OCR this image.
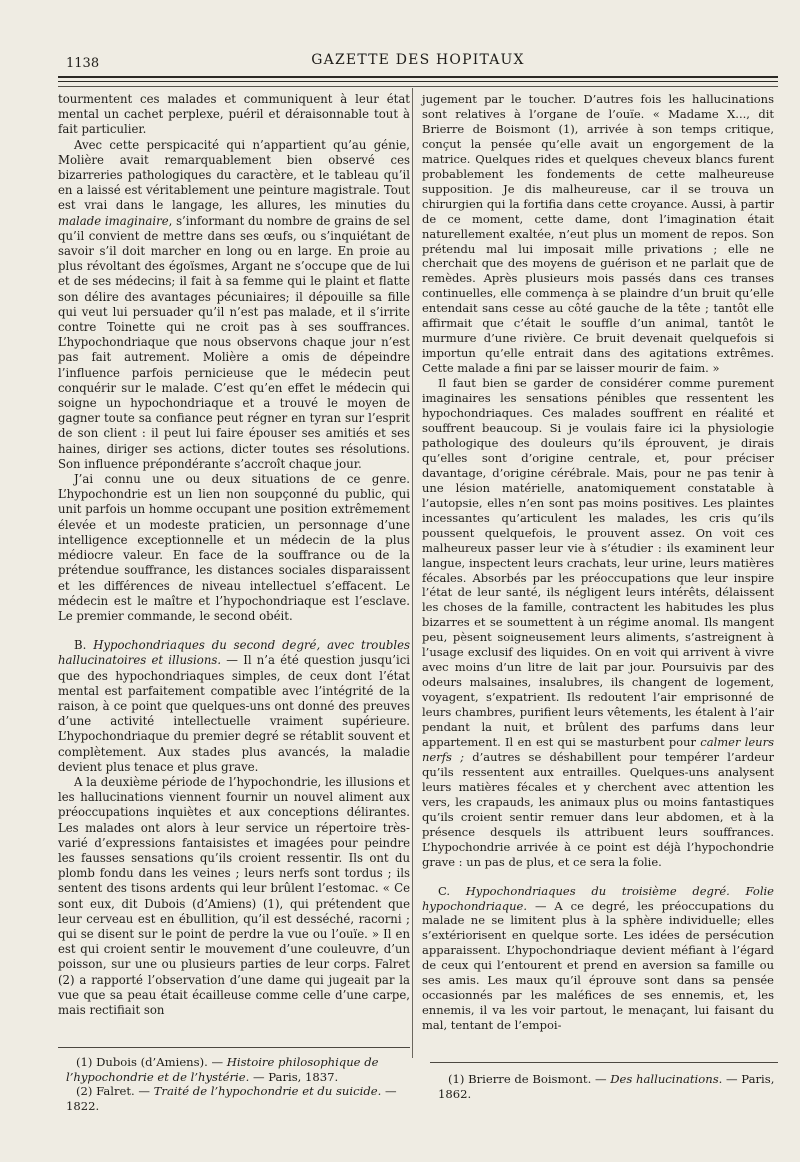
1138	GAZETTE DES HOPITAUX

tourmentent ces malades et communiquent à leur état mental un cachet perplexe, puéril et déraisonnable tout à fait particulier.

Avec cette perspicacité qui n’appartient qu’au génie, Molière avait remarquablement bien observé ces bizarreries pathologiques du caractère, et le tableau qu’il en a laissé est véritablement une peinture magistrale. Tout est vrai dans le langage, les allures, les minuties du malade imaginaire, s’informant du nombre de grains de sel qu’il convient de mettre dans ses œufs, ou s’inquiétant de savoir s’il doit marcher en long ou en large. En proie au plus révoltant des égoïsmes, Argant ne s’occupe que de lui et de ses médecins; il fait à sa femme qui le plaint et flatte son délire des avantages pécuniaires; il dépouille sa fille qui veut lui persuader qu’il n’est pas malade, et il s’irrite contre Toinette qui ne croit pas à ses souffrances. L’hypochondriaque que nous observons chaque jour n’est pas fait autrement. Molière a omis de dépeindre l’influence parfois pernicieuse que le médecin peut conquérir sur le malade. C’est qu’en effet le médecin qui soigne un hypochondriaque et a trouvé le moyen de gagner toute sa confiance peut régner en tyran sur l’esprit de son client : il peut lui faire épouser ses amitiés et ses haines, diriger ses actions, dicter toutes ses résolutions. Son influence prépondérante s’accroît chaque jour.

J’ai connu une ou deux situations de ce genre. L’hypochondrie est un lien non soupçonné du public, qui unit parfois un homme occupant une position extrêmement élevée et un modeste praticien, un personnage d’une intelligence exceptionnelle et un médecin de la plus médiocre valeur. En face de la souffrance ou de la prétendue souffrance, les distances sociales disparaissent et les différences de niveau intellectuel s’effacent. Le médecin est le maître et l’hypochondriaque est l’esclave. Le premier commande, le second obéit.

B. Hypochondriaques du second degré, avec troubles hallucinatoires et illusions. — Il n’a été question jusqu’ici que des hypochondriaques simples, de ceux dont l’état mental est parfaitement compatible avec l’intégrité de la raison, à ce point que quelques-uns ont donné des preuves d’une activité intellectuelle vraiment supérieure. L’hypochondriaque du premier degré se rétablit souvent et complètement. Aux stades plus avancés, la maladie devient plus tenace et plus grave.

A la deuxième période de l’hypochondrie, les illusions et les hallucinations viennent fournir un nouvel aliment aux préoccupations inquiètes et aux conceptions délirantes. Les malades ont alors à leur service un répertoire très-varié d’expressions fantaisistes et imagées pour peindre les fausses sensations qu’ils croient ressentir. Ils ont du plomb fondu dans les veines ; leurs nerfs sont tordus ; ils sentent des tisons ardents qui leur brûlent l’estomac. « Ce sont eux, dit Dubois (d’Amiens) (1), qui prétendent que leur cerveau est en ébullition, qu’il est desséché, racorni ; qui se disent sur le point de perdre la vue ou l’ouïe. » Il en est qui croient sentir le mouvement d’une couleuvre, d’un poisson, sur une ou plusieurs parties de leur corps. Falret (2) a rapporté l’observation d’une dame qui jugeait par la vue que sa peau était écailleuse comme celle d’une carpe, mais rectifiait son

(1) Dubois (d’Amiens). — Histoire philosophique de l’hypochondrie et de l’hystérie. — Paris, 1837.

(2) Falret. — Traité de l’hypochondrie et du suicide. — 1822.

jugement par le toucher. D’autres fois les hallucinations sont relatives à l’organe de l’ouïe. « Madame X..., dit Brierre de Boismont (1), arrivée à son temps critique, conçut la pensée qu’elle avait un engorgement de la matrice. Quelques rides et quelques cheveux blancs furent probablement les fondements de cette malheureuse supposition. Je dis malheureuse, car il se trouva un chirurgien qui la fortifia dans cette croyance. Aussi, à partir de ce moment, cette dame, dont l’imagination était naturellement exaltée, n’eut plus un moment de repos. Son prétendu mal lui imposait mille privations ; elle ne cherchait que des moyens de guérison et ne parlait que de remèdes. Après plusieurs mois passés dans ces transes continuelles, elle commença à se plaindre d’un bruit qu’elle entendait sans cesse au côté gauche de la tête ; tantôt elle affirmait que c’était le souffle d’un animal, tantôt le murmure d’une rivière. Ce bruit devenait quelquefois si importun qu’elle entrait dans des agitations extrêmes. Cette malade a fini par se laisser mourir de faim. »

Il faut bien se garder de considérer comme purement imaginaires les sensations pénibles que ressentent les hypochondriaques. Ces malades souffrent en réalité et souffrent beaucoup. Si je voulais faire ici la physiologie pathologique des douleurs qu’ils éprouvent, je dirais qu’elles sont d’origine centrale, et, pour préciser davantage, d’origine cérébrale. Mais, pour ne pas tenir à une lésion matérielle, anatomiquement constatable à l’autopsie, elles n’en sont pas moins positives. Les plaintes incessantes qu’articulent les malades, les cris qu’ils poussent quelquefois, le prouvent assez. On voit ces malheureux passer leur vie à s’étudier : ils examinent leur langue, inspectent leurs crachats, leur urine, leurs matières fécales. Absorbés par les préoccupations que leur inspire l’état de leur santé, ils négligent leurs intérêts, délaissent les choses de la famille, contractent les habitudes les plus bizarres et se soumettent à un régime anomal. Ils mangent peu, pèsent soigneusement leurs aliments, s’astreignent à l’usage exclusif des liquides. On en voit qui arrivent à vivre avec moins d’un litre de lait par jour. Poursuivis par des odeurs malsaines, insalubres, ils changent de logement, voyagent, s’expatrient. Ils redoutent l’air emprisonné de leurs chambres, purifient leurs vêtements, les étalent à l’air pendant la nuit, et brûlent des parfums dans leur appartement. Il en est qui se masturbent pour calmer leurs nerfs ; d’autres se déshabillent pour tempérer l’ardeur qu’ils ressentent aux entrailles. Quelques-uns analysent leurs matières fécales et y cherchent avec attention les vers, les crapauds, les animaux plus ou moins fantastiques qu’ils croient sentir remuer dans leur abdomen, et à la présence desquels ils attribuent leurs souffrances. L’hypochondrie arrivée à ce point est déjà l’hypochondrie grave : un pas de plus, et ce sera la folie.

C. Hypochondriaques du troisième degré. Folie hypochondriaque. — A ce degré, les préoccupations du malade ne se limitent plus à la sphère individuelle; elles s’extériorisent en quelque sorte. Les idées de persécution apparaissent. L’hypochondriaque devient méfiant à l’égard de ceux qui l’entourent et prend en aversion sa famille ou ses amis. Les maux qu’il éprouve sont dans sa pensée occasionnés par les maléfices de ses ennemis, et, les ennemis, il va les voir partout, le menaçant, lui faisant du mal, tentant de l’empoi-

(1) Brierre de Boismont. — Des hallucinations. — Paris, 1862.
